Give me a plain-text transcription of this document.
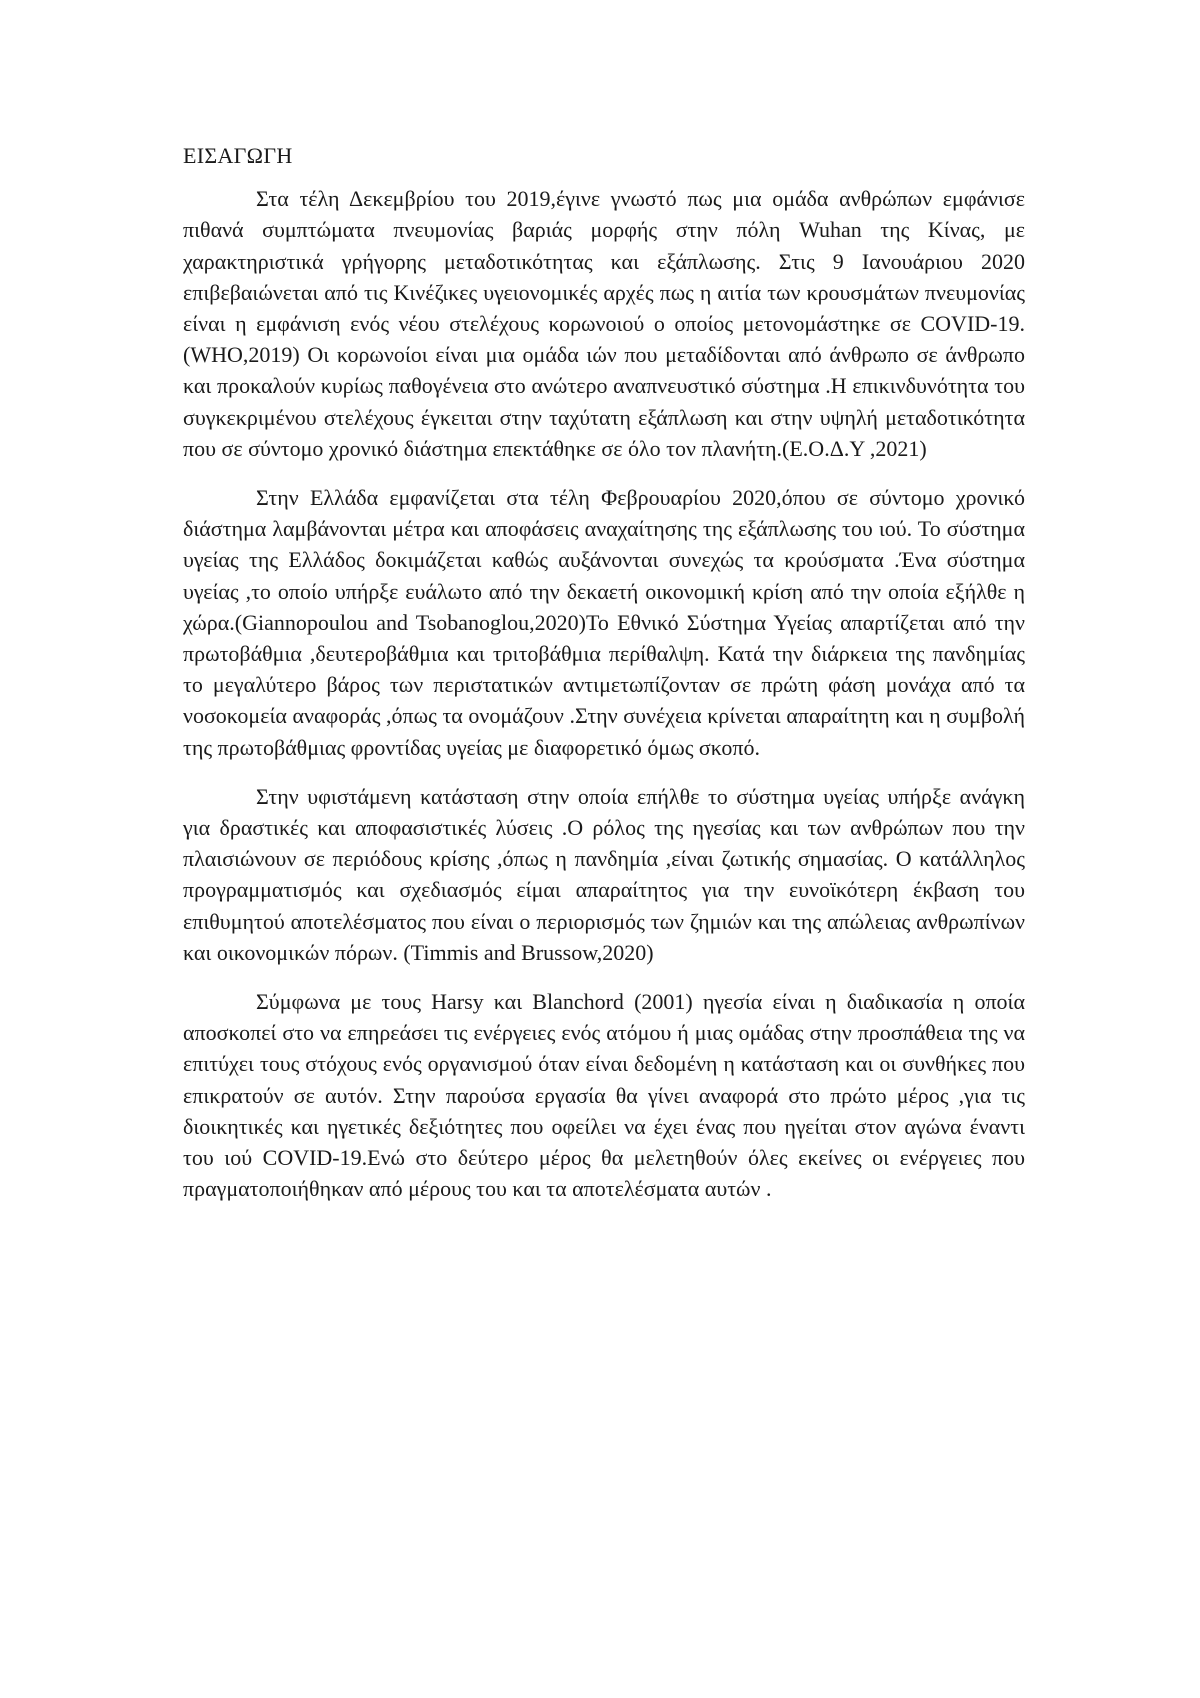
ΕΙΣΑΓΩΓΗ

Στα τέλη Δεκεμβρίου του 2019,έγινε γνωστό πως μια ομάδα ανθρώπων εμφάνισε πιθανά συμπτώματα πνευμονίας βαριάς μορφής στην πόλη Wuhan της Κίνας, με χαρακτηριστικά γρήγορης μεταδοτικότητας και εξάπλωσης. Στις 9 Ιανουάριου 2020 επιβεβαιώνεται από τις Κινέζικες υγειονομικές αρχές πως η αιτία των κρουσμάτων πνευμονίας είναι η εμφάνιση ενός νέου στελέχους κορωνοιού ο οποίος μετονομάστηκε σε COVID-19.(WHO,2019) Οι κορωνοίοι είναι μια ομάδα ιών που μεταδίδονται από άνθρωπο σε άνθρωπο και προκαλούν κυρίως παθογένεια στο ανώτερο αναπνευστικό σύστημα .Η επικινδυνότητα του συγκεκριμένου στελέχους έγκειται στην ταχύτατη εξάπλωση και στην υψηλή μεταδοτικότητα που σε σύντομο χρονικό διάστημα επεκτάθηκε σε όλο τον πλανήτη.(Ε.Ο.Δ.Υ ,2021)

Στην Ελλάδα εμφανίζεται στα τέλη Φεβρουαρίου 2020,όπου σε σύντομο χρονικό διάστημα λαμβάνονται μέτρα και αποφάσεις αναχαίτησης της εξάπλωσης του ιού. Το σύστημα υγείας της Ελλάδος δοκιμάζεται καθώς αυξάνονται συνεχώς τα κρούσματα .Ένα σύστημα υγείας ,το οποίο υπήρξε ευάλωτο από την δεκαετή οικονομική κρίση από την οποία εξήλθε η χώρα.(Giannopoulou and Tsobanoglou,2020)Το Εθνικό Σύστημα Υγείας απαρτίζεται από την πρωτοβάθμια ,δευτεροβάθμια και τριτοβάθμια περίθαλψη. Κατά την διάρκεια της πανδημίας το μεγαλύτερο βάρος των περιστατικών αντιμετωπίζονταν σε πρώτη φάση μονάχα από τα νοσοκομεία αναφοράς ,όπως τα ονομάζουν .Στην συνέχεια κρίνεται απαραίτητη και η συμβολή της πρωτοβάθμιας φροντίδας υγείας με διαφορετικό όμως σκοπό.

Στην υφιστάμενη κατάσταση στην οποία επήλθε το σύστημα υγείας υπήρξε ανάγκη για δραστικές και αποφασιστικές λύσεις .Ο ρόλος της ηγεσίας και των ανθρώπων που την πλαισιώνουν σε περιόδους κρίσης ,όπως η πανδημία ,είναι ζωτικής σημασίας. Ο κατάλληλος προγραμματισμός και σχεδιασμός είμαι απαραίτητος για την ευνοϊκότερη έκβαση του επιθυμητού αποτελέσματος που είναι ο περιορισμός των ζημιών και της απώλειας ανθρωπίνων και οικονομικών πόρων. (Timmis and Brussow,2020)

Σύμφωνα με τους Harsy και Blanchord (2001) ηγεσία είναι η διαδικασία η οποία αποσκοπεί στο να επηρεάσει τις ενέργειες ενός ατόμου ή μιας ομάδας στην προσπάθεια της να επιτύχει τους στόχους ενός οργανισμού όταν είναι δεδομένη η κατάσταση και οι συνθήκες που επικρατούν σε αυτόν. Στην παρούσα εργασία θα γίνει αναφορά στο πρώτο μέρος ,για τις διοικητικές και ηγετικές δεξιότητες που οφείλει να έχει ένας που ηγείται στον αγώνα έναντι του ιού COVID-19.Ενώ στο δεύτερο μέρος θα μελετηθούν όλες εκείνες οι ενέργειες που πραγματοποιήθηκαν από μέρους του και τα αποτελέσματα αυτών .
